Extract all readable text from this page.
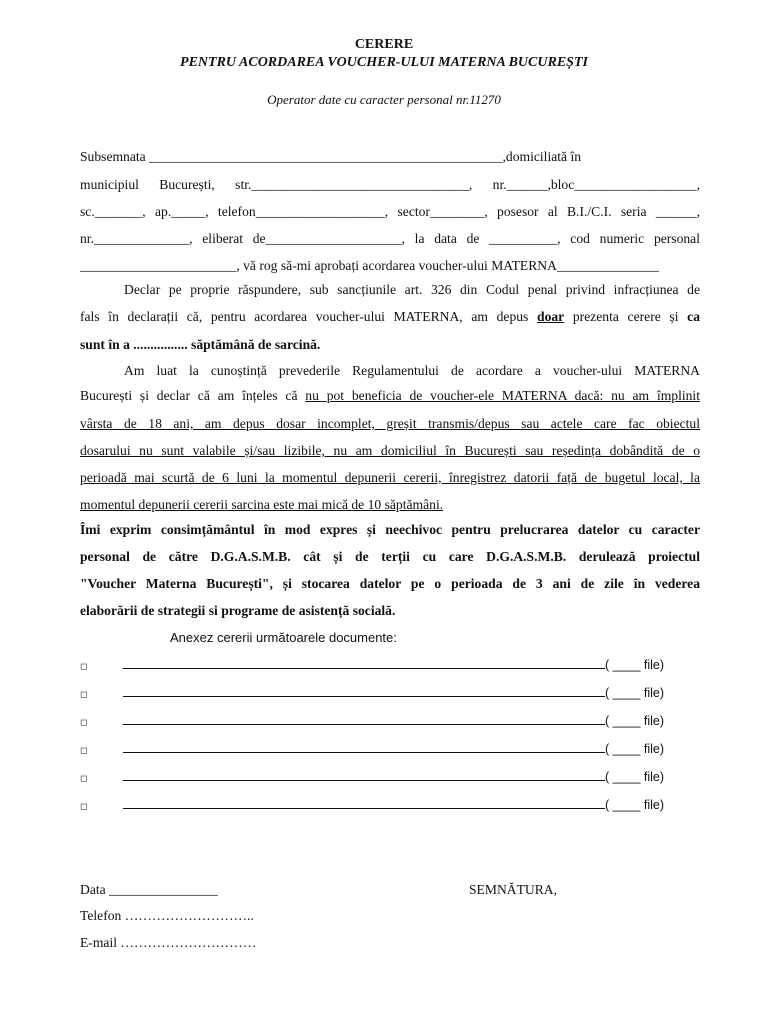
CERERE
PENTRU ACORDAREA VOUCHER-ULUI MATERNA BUCUREȘTI
Operator date cu caracter personal nr.11270
Subsemnata ____________________________________________________,domiciliată în
municipiul București, str.________________________________, nr.______,bloc__________________,
sc._______, ap._____, telefon___________________, sector________, posesor al B.I./C.I. seria ______,
nr.______________, eliberat de____________________, la data de __________, cod numeric personal
_______________________, vă rog să-mi aprobați acordarea voucher-ului MATERNA_______________
Declar pe proprie răspundere, sub sancțiunile art. 326 din Codul penal privind infracțiunea de
fals în declarații că, pentru acordarea voucher-ului MATERNA, am depus doar prezenta cerere și ca
sunt în a ................ săptămână de sarcină.
Am luat la cunoștință prevederile Regulamentului de acordare a voucher-ului MATERNA
București și declar că am înțeles că nu pot beneficia de voucher-ele MATERNA dacă: nu am împlinit
vârsta de 18 ani, am depus dosar incomplet, greșit transmis/depus sau actele care fac obiectul
dosarului nu sunt valabile și/sau lizibile, nu am domiciliul în București sau reședința dobândită de o
perioadă mai scurtă de 6 luni la momentul depunerii cererii, înregistrez datorii față de bugetul local, la
momentul depunerii cererii sarcina este mai mică de 10 săptămâni.
Îmi exprim consimțământul în mod expres și neechivoc pentru prelucrarea datelor cu caracter
personal de către D.G.A.S.M.B. cât și de terții cu care D.G.A.S.M.B. derulează proiectul
"Voucher Materna București", și stocarea datelor pe o perioada de 3 ani de zile în vederea
elaborării de strategii si programe de asistență socială.
Anexez cererii următoarele documente:
◻	( ____ file)
◻	( ____ file)
◻	( ____ file)
◻	( ____ file)
◻	( ____ file)
◻	( ____ file)
Data ________________	SEMNĂTURA,
Telefon ………………………..
E-mail …………………………
